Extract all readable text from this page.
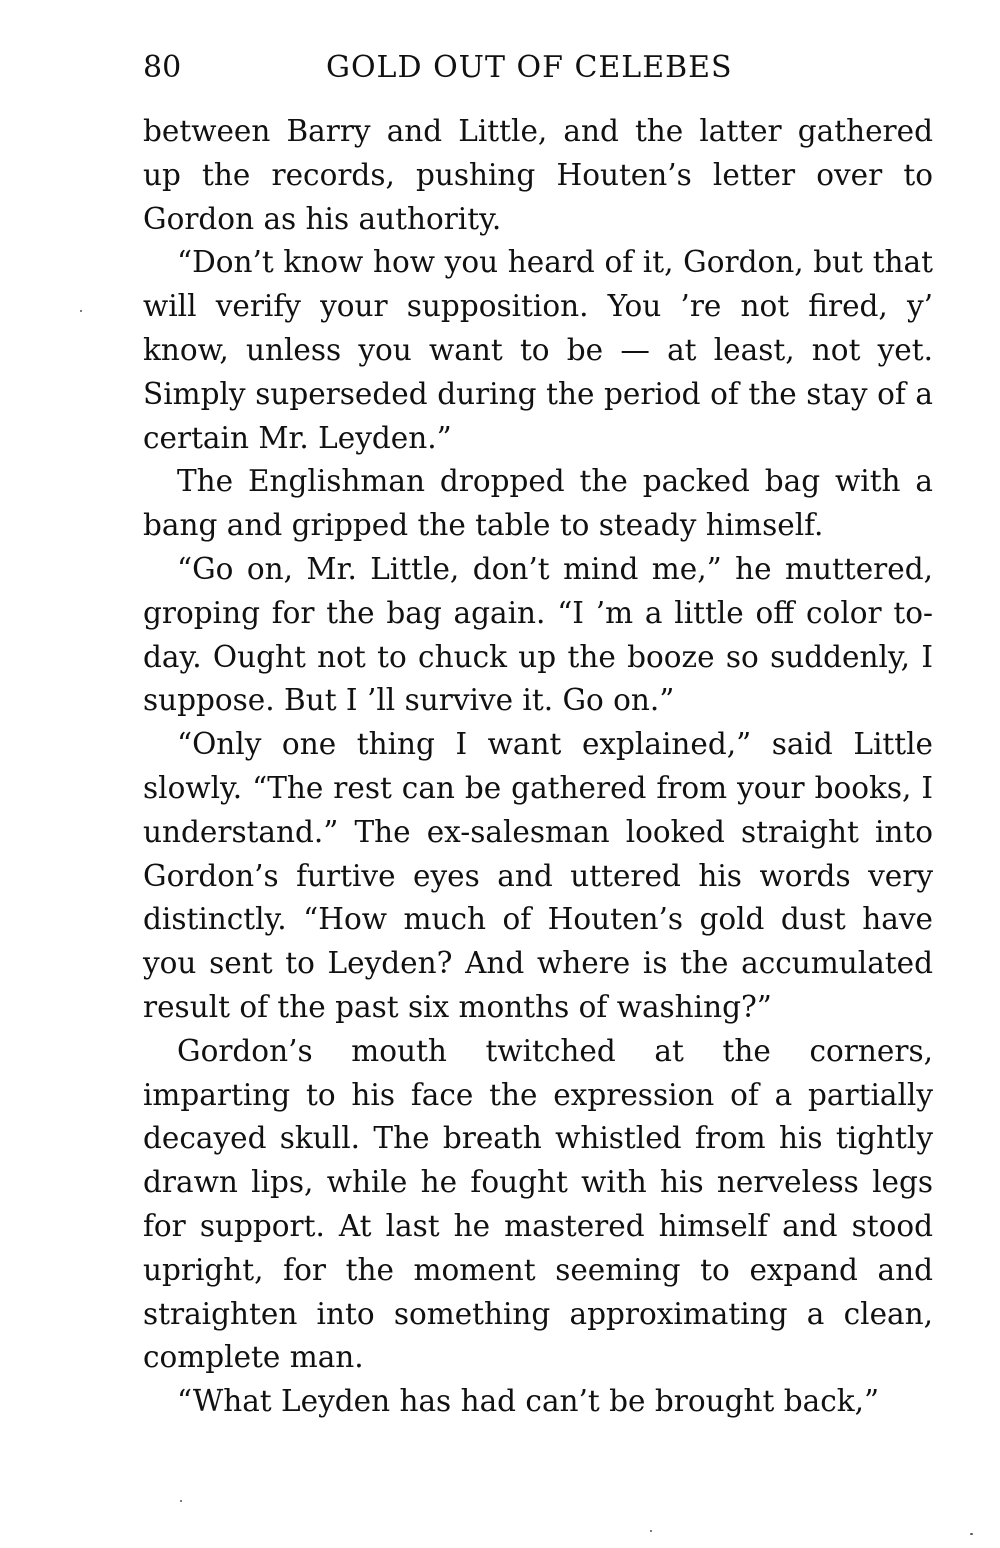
80	GOLD OUT OF CELEBES

between Barry and Little, and the latter gathered up the records, pushing Houten’s letter over to Gordon as his authority.

“Don’t know how you heard of it, Gordon, but that will verify your supposition. You ’re not fired, y’ know, unless you want to be — at least, not yet. Simply superseded during the period of the stay of a certain Mr. Leyden.”

The Englishman dropped the packed bag with a bang and gripped the table to steady himself.

“Go on, Mr. Little, don’t mind me,” he muttered, groping for the bag again. “I ’m a little off color to-day. Ought not to chuck up the booze so suddenly, I suppose. But I ’ll survive it. Go on.”

“Only one thing I want explained,” said Little slowly. “The rest can be gathered from your books, I understand.” The ex-salesman looked straight into Gordon’s furtive eyes and uttered his words very distinctly. “How much of Houten’s gold dust have you sent to Leyden? And where is the accumulated result of the past six months of washing?”

Gordon’s mouth twitched at the corners, imparting to his face the expression of a partially decayed skull. The breath whistled from his tightly drawn lips, while he fought with his nerveless legs for support. At last he mastered himself and stood upright, for the moment seeming to expand and straighten into something approximating a clean, complete man.

“What Leyden has had can’t be brought back,”
